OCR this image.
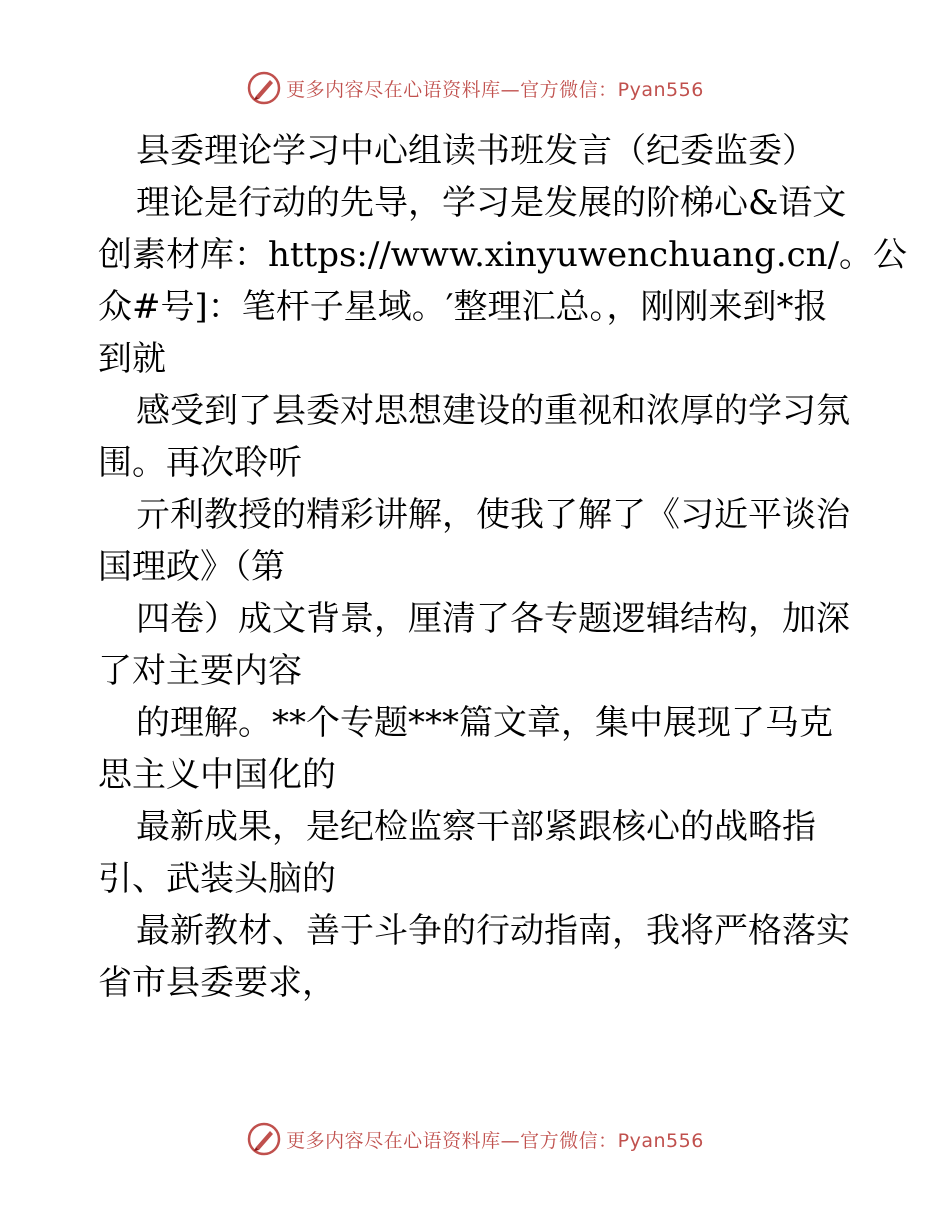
更多内容尽在心语资料库—官方微信：Pyan556
县委理论学习中心组读书班发言（纪委监委）
理论是行动的先导，学习是发展的阶梯心&语文
创素材库：https://www.xinyuwenchuang.cn/。公
众#号]：笔杆子星域。′整理汇总。，刚刚来到*报
到就
感受到了县委对思想建设的重视和浓厚的学习氛
围。再次聆听
亓利教授的精彩讲解，使我了解了《习近平谈治
国理政》（第
四卷）成文背景，厘清了各专题逻辑结构，加深
了对主要内容
的理解。**个专题***篇文章，集中展现了马克
思主义中国化的
最新成果，是纪检监察干部紧跟核心的战略指
引、武装头脑的
最新教材、善于斗争的行动指南，我将严格落实
省市县委要求，
更多内容尽在心语资料库—官方微信：Pyan556
